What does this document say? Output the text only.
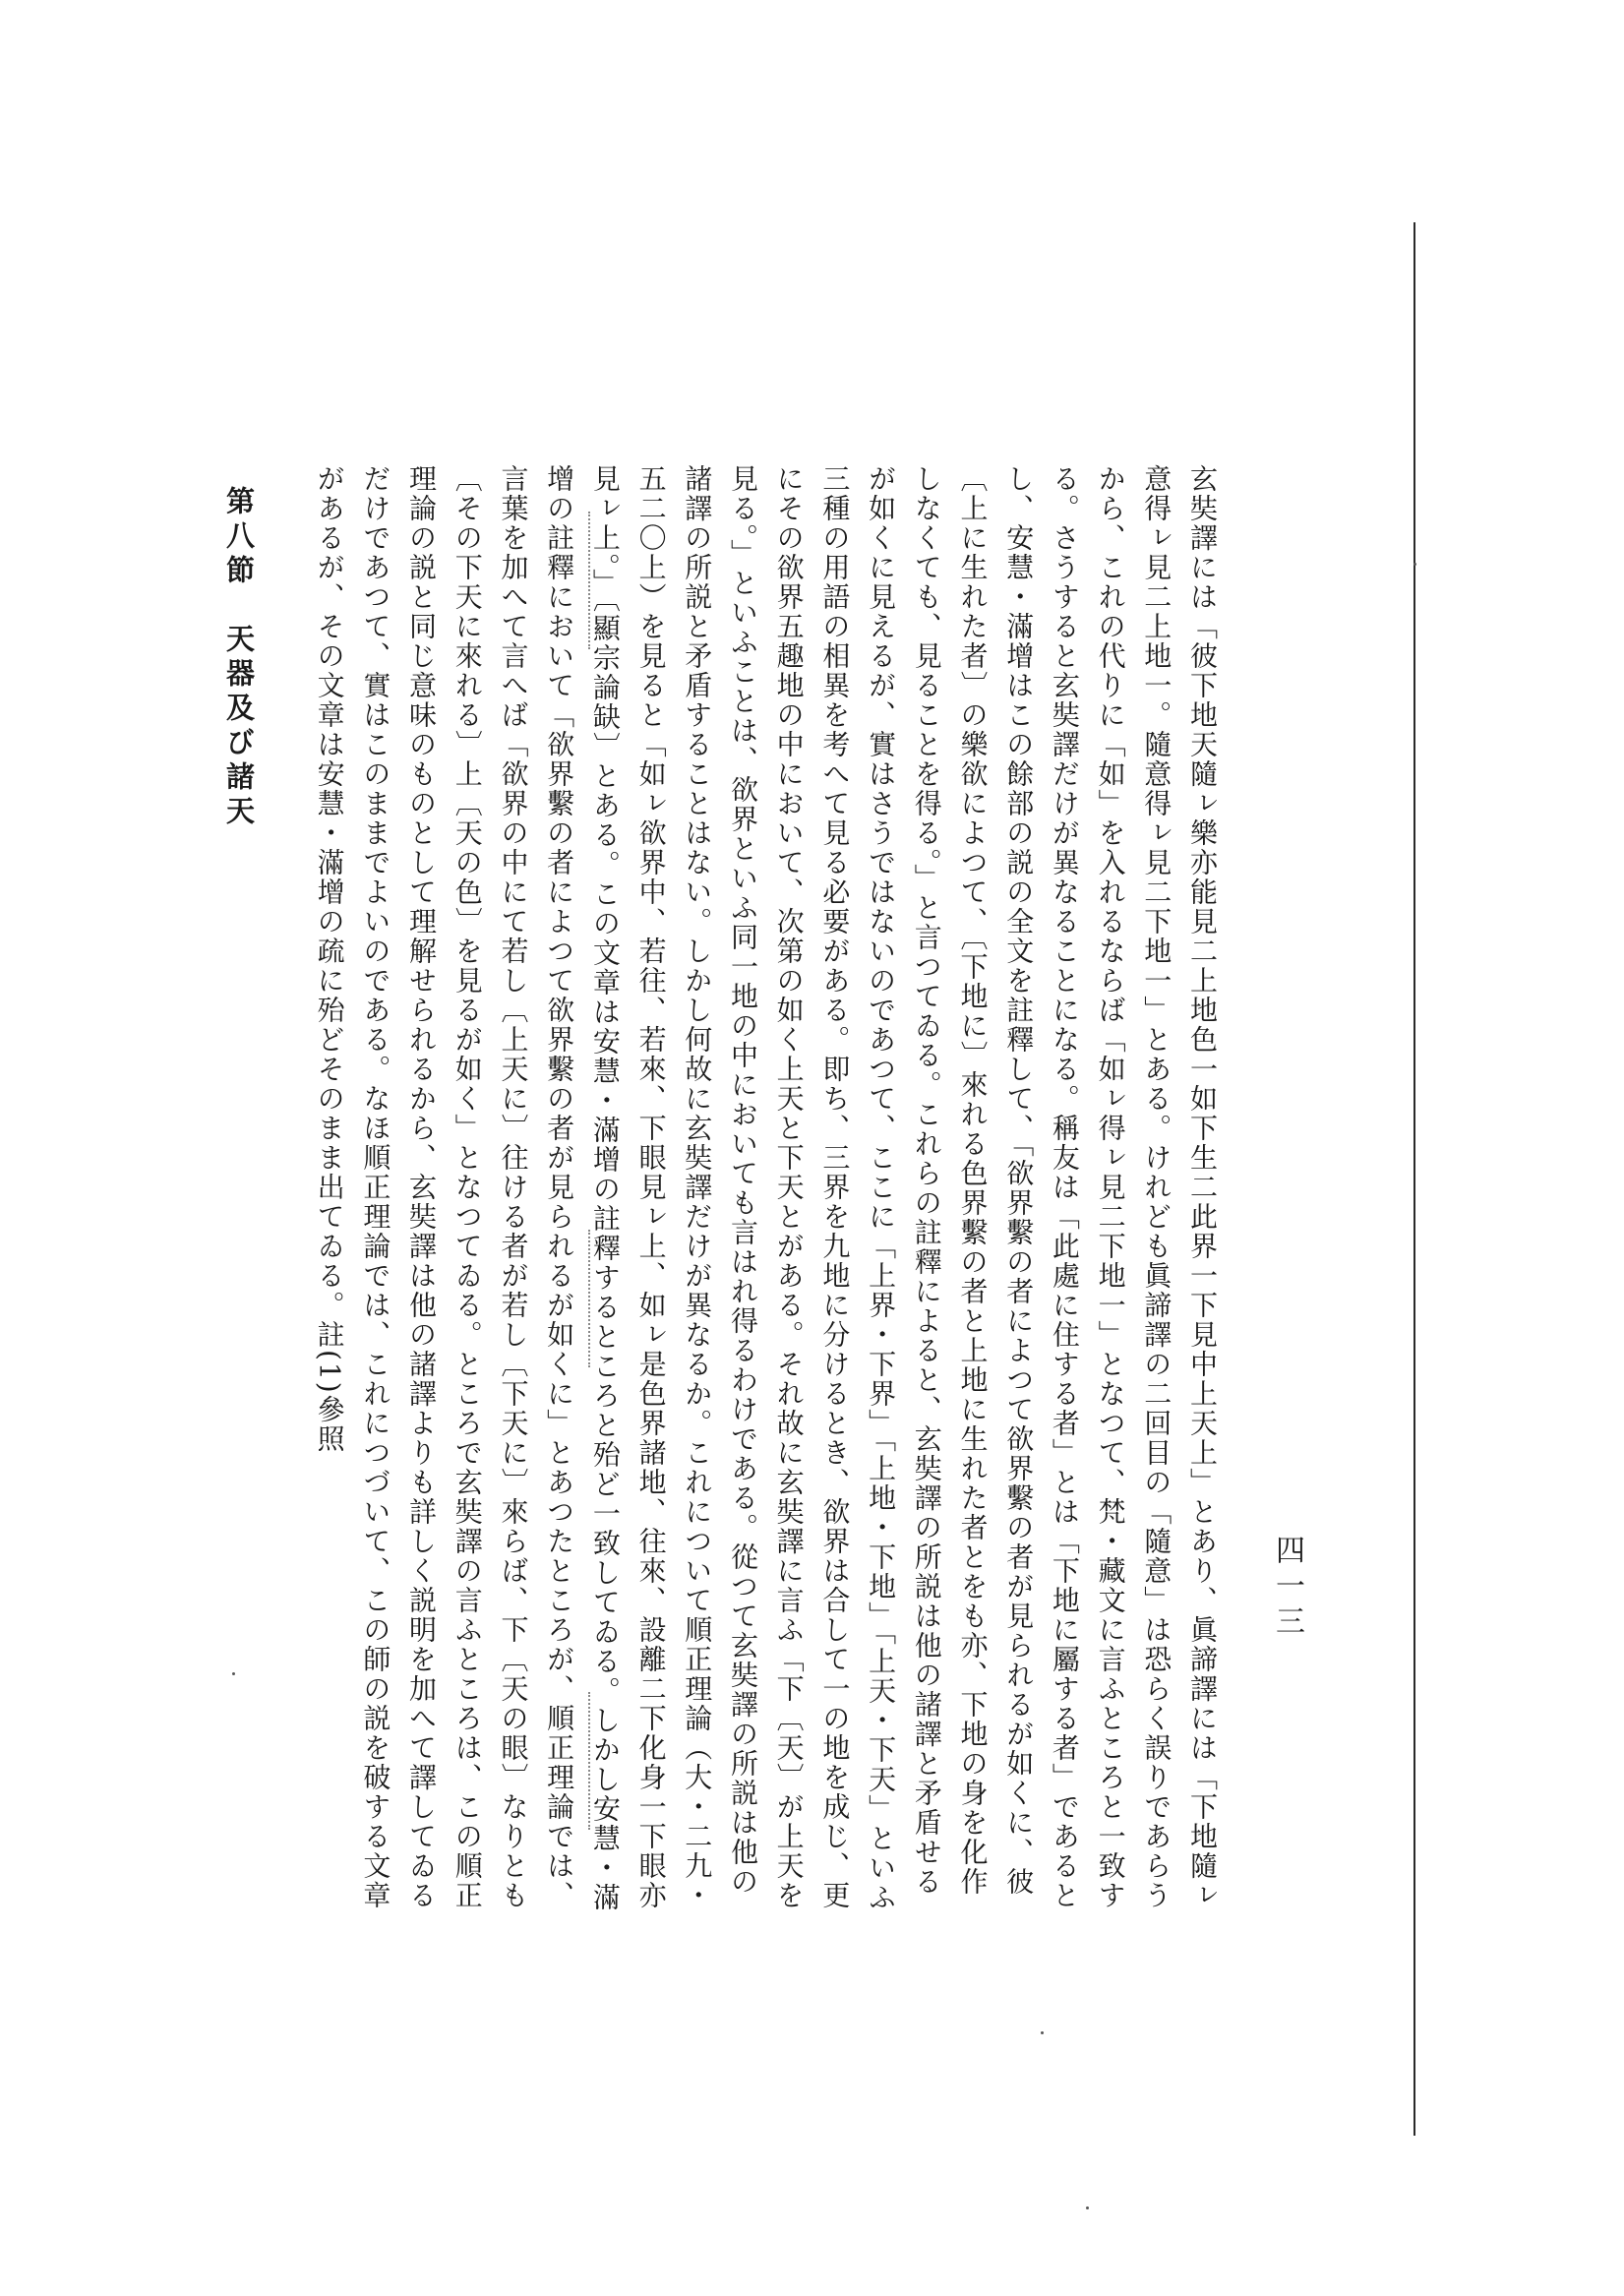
玄奘譯には「彼下地天隨ㇾ樂亦能見二上地色一如下生二此界一下見中上天上」とあり、眞諦譯には「下地隨ㇾ意得ㇾ見二上地一。隨意得ㇾ見二下地一」とある。けれども眞諦譯の二回目の「隨意」は恐らく誤りであらうから、これの代りに「如」を入れるならば「如ㇾ得ㇾ見二下地一」となつて、梵・藏文に言ふところと一致する。さうすると玄奘譯だけが異なることになる。稱友は「此處に住する者」とは「下地に屬する者」であるとし、安慧・滿增はこの餘部の説の全文を註釋して、「欲界繫の者によつて欲界繫の者が見られるが如くに、彼〔上に生れた者〕の樂欲によつて、〔下地に〕來れる色界繫の者と上地に生れた者とをも亦、下地の身を化作しなくても、見ることを得る。」と言つてゐる。これらの註釋によると、玄奘譯の所説は他の諸譯と矛盾せるが如くに見えるが、實はさうではないのであつて、ここに「上界・下界」「上地・下地」「上天・下天」といふ三種の用語の相異を考へて見る必要がある。即ち、三界を九地に分けるとき、欲界は合して一の地を成じ、更にその欲界五趣地の中において、次第の如く上天と下天とがある。それ故に玄奘譯に言ふ「下〔天〕が上天を見る。」といふことは、欲界といふ同一地の中においても言はれ得るわけである。從つて玄奘譯の所説は他の諸譯の所説と矛盾することはない。しかし何故に玄奘譯だけが異なるか。これについて順正理論（大・二九・五二〇上）を見ると「如ㇾ欲界中、若往、若來、下眼見ㇾ上、如ㇾ是色界諸地、往來、設離二下化身一下眼亦見ㇾ上。」〔顯宗論缺〕とある。この文章は安慧・滿增の註釋するところと殆ど一致してゐる。しかし安慧・滿增の註釋において「欲界繫の者によつて欲界繫の者が見られるが如くに」とあつたところが、順正理論では、言葉を加へて言へば「欲界の中にて若し〔上天に〕往ける者が若し〔下天に〕來らば、下〔天の眼〕なりとも〔その下天に來れる〕上〔天の色〕を見るが如く」となつてゐる。ところで玄奘譯の言ふところは、この順正理論の説と同じ意味のものとして理解せられるから、玄奘譯は他の諸譯よりも詳しく説明を加へて譯してゐるだけであつて、實はこのままでよいのである。なほ順正理論では、これにつづいて、この師の説を破する文章があるが、その文章は安慧・滿增の疏に殆どそのまま出てゐる。註(1)參照

四一三
第八節　天器及び諸天
